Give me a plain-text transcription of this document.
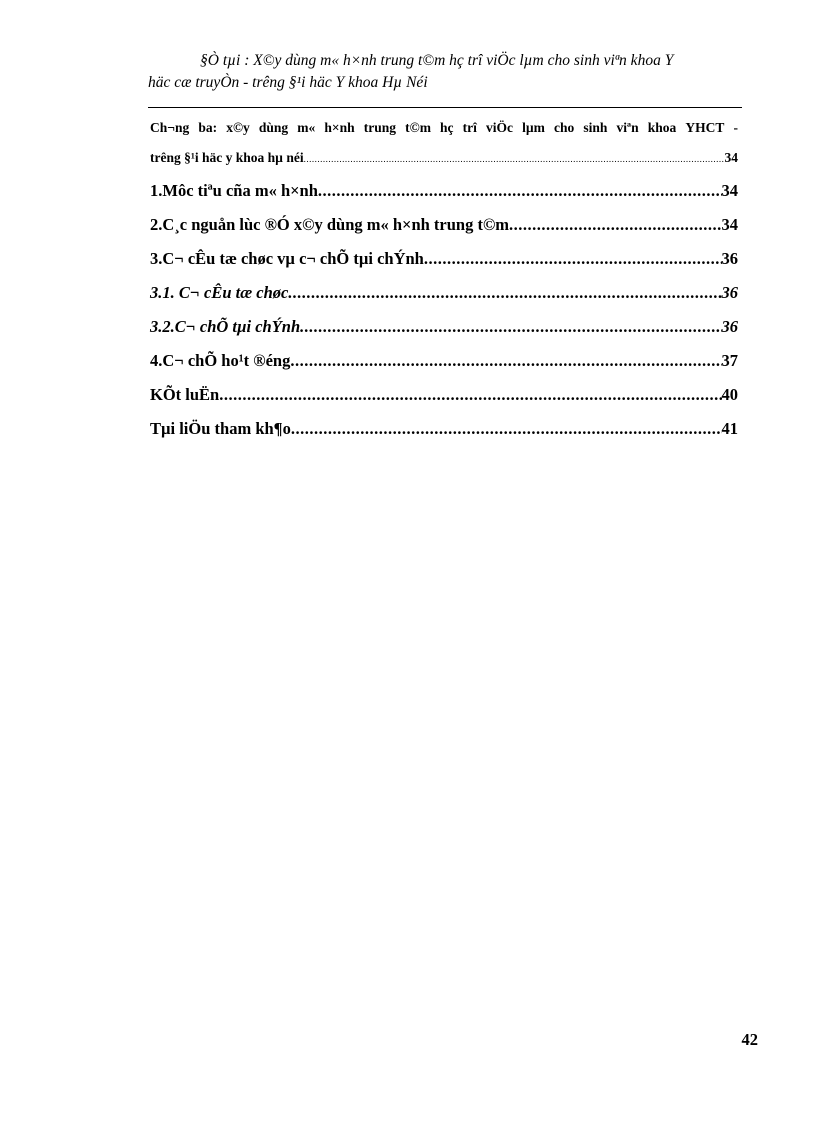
§Ò tµi : X©y dùng m« h×nh trung t©m hç trî viÖc lµm cho sinh viªn khoa Y
häc cæ truyÒn - trêng §¹i häc Y khoa Hµ Néi
Ch¬ng ba: x©y dùng m« h×nh trung t©m hç trî viÖc lµm cho sinh viªn khoa YHCT -
trêng §¹i häc y khoa hµ néi .....	34
1.Môc tiªu cña m« h×nh .....	34
2.C¸c nguån lùc ®Ó x©y dùng m« h×nh trung t©m .....	34
3.C¬ cÊu tæ chøc vµ c¬ chÕ tµi chÝnh .....	36
3.1. C¬ cÊu tæ chøc .....	36
3.2.C¬ chÕ tµi chÝnh .....	36
4.C¬ chÕ ho¹t ®éng .....	37
KÕt luËn .....	40
Tµi liÖu tham kh¶o .....	41
42
